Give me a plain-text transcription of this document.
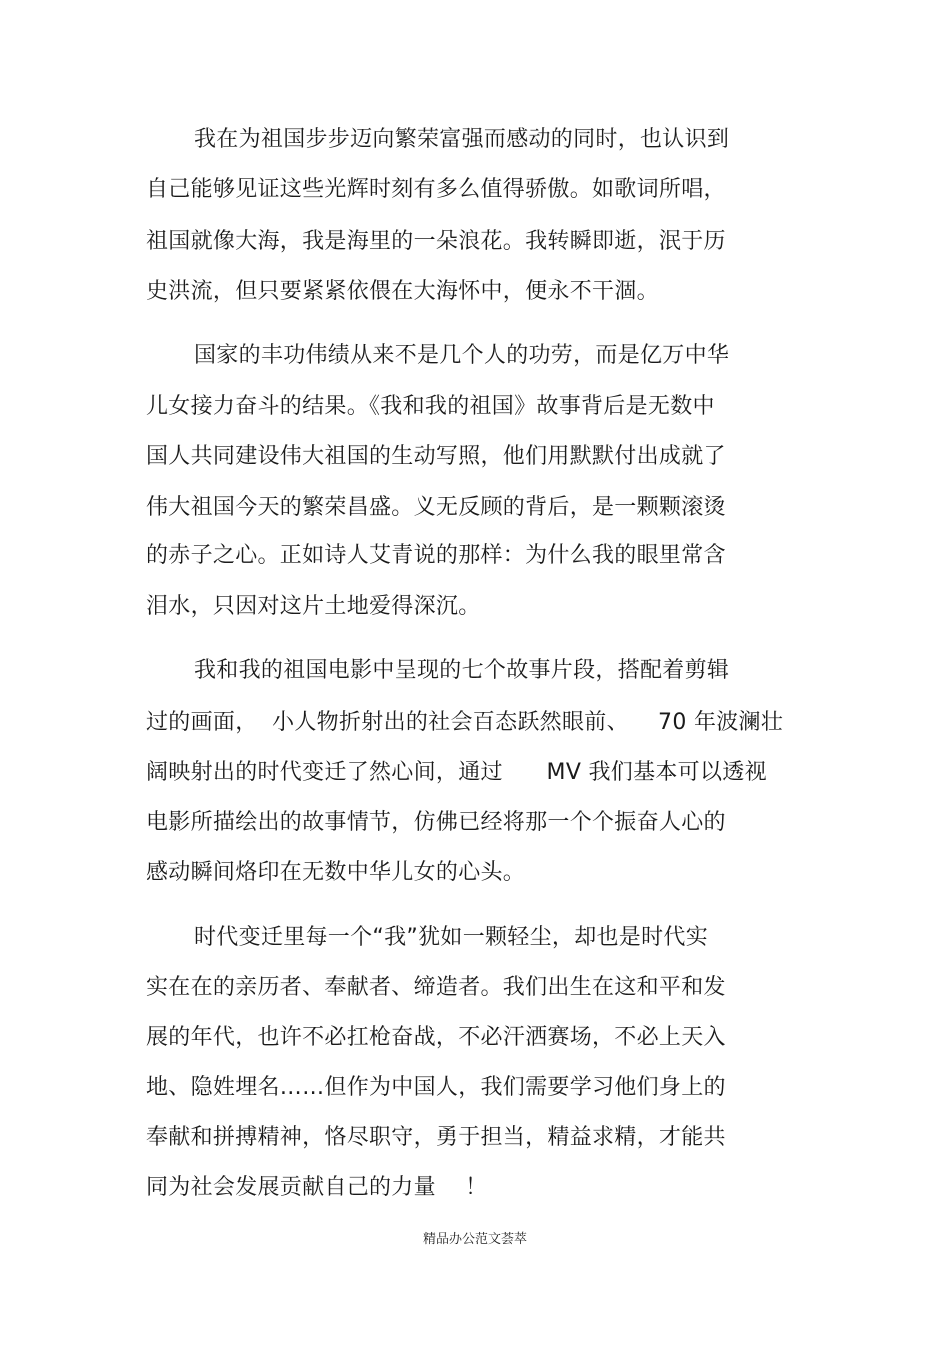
我在为祖国步步迈向繁荣富强而感动的同时，也认识到
自己能够见证这些光辉时刻有多么值得骄傲。如歌词所唱，
祖国就像大海，我是海里的一朵浪花。我转瞬即逝，泯于历
史洪流，但只要紧紧依偎在大海怀中，便永不干涸。
国家的丰功伟绩从来不是几个人的功劳，而是亿万中华
儿女接力奋斗的结果。《我和我的祖国》故事背后是无数中
国人共同建设伟大祖国的生动写照，他们用默默付出成就了
伟大祖国今天的繁荣昌盛。义无反顾的背后，是一颗颗滚烫
的赤子之心。正如诗人艾青说的那样：为什么我的眼里常含
泪水，只因对这片土地爱得深沉。
我和我的祖国电影中呈现的七个故事片段，搭配着剪辑
过的画面，  小人物折射出的社会百态跃然眼前、    70 年波澜壮
阔映射出的时代变迁了然心间，通过      MV 我们基本可以透视
电影所描绘出的故事情节，仿佛已经将那一个个振奋人心的
感动瞬间烙印在无数中华儿女的心头。
时代变迁里每一个“我”犹如一颗轻尘，却也是时代实
实在在的亲历者、奉献者、缔造者。我们出生在这和平和发
展的年代，也许不必扛枪奋战，不必汗洒赛场，不必上天入
地、隐姓埋名……但作为中国人，我们需要学习他们身上的
奉献和拼搏精神，恪尽职守，勇于担当，精益求精，才能共
同为社会发展贡献自己的力量    ！
精品办公范文荟萃
